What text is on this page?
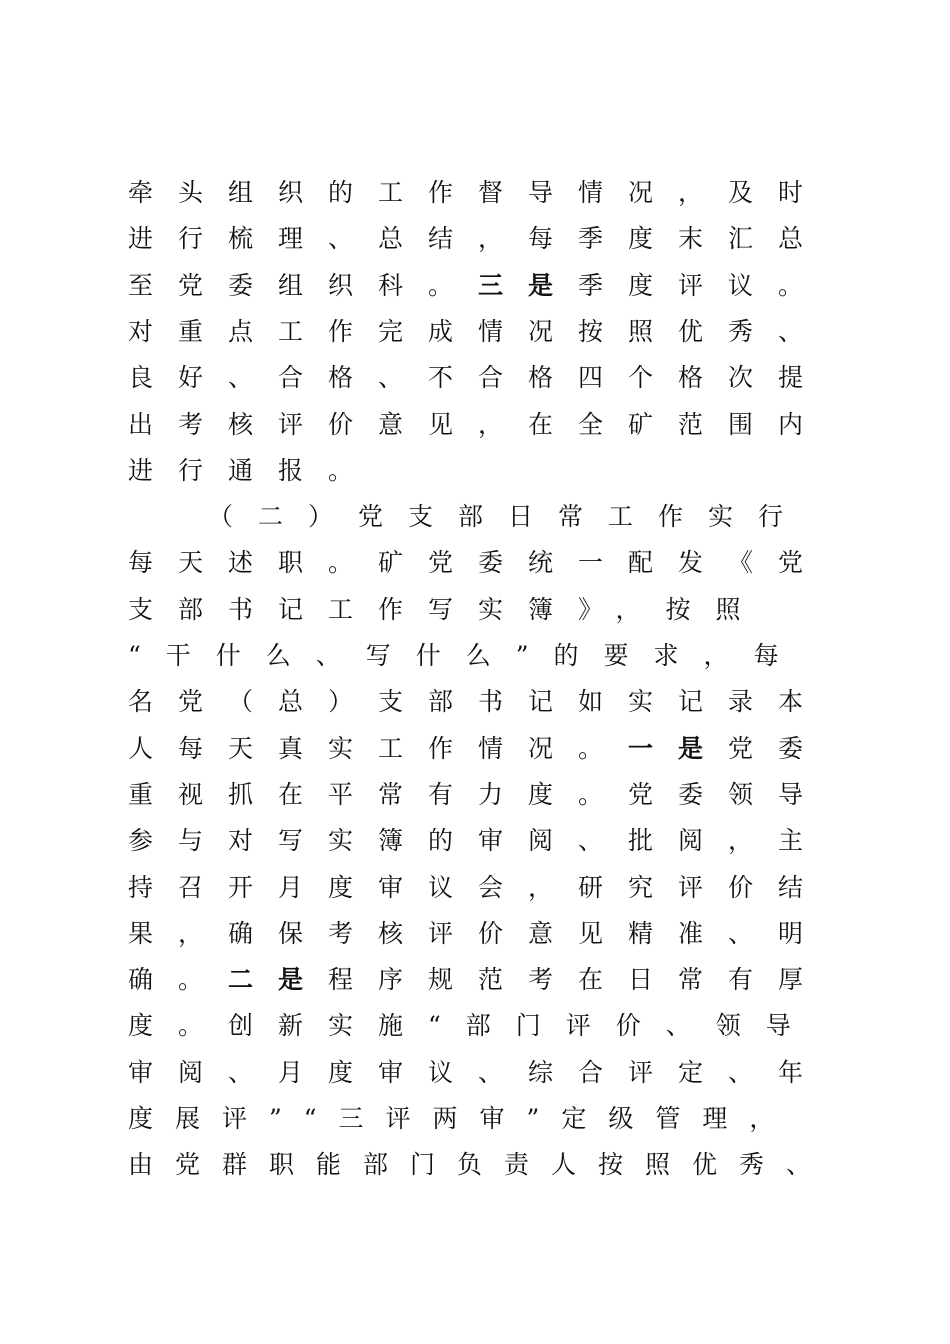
牵头组织的工作督导情况，及时
进行梳理、总结，每季度末汇总
至党委组织科。三是季度评议。
对重点工作完成情况按照优秀、
良好、合格、不合格四个格次提
出考核评价意见，在全矿范围内
进行通报。
（二）党支部日常工作实行
每天述职。矿党委统一配发《党
支部书记工作写实簿》，按照
“干什么、写什么”的要求，每
名党（总）支部书记如实记录本
人每天真实工作情况。一是党委
重视抓在平常有力度。党委领导
参与对写实簿的审阅、批阅，主
持召开月度审议会，研究评价结
果，确保考核评价意见精准、明
确。二是程序规范考在日常有厚
度。创新实施“部门评价、领导
审阅、月度审议、综合评定、年
度展评”“三评两审”定级管理，
由党群职能部门负责人按照优秀、
